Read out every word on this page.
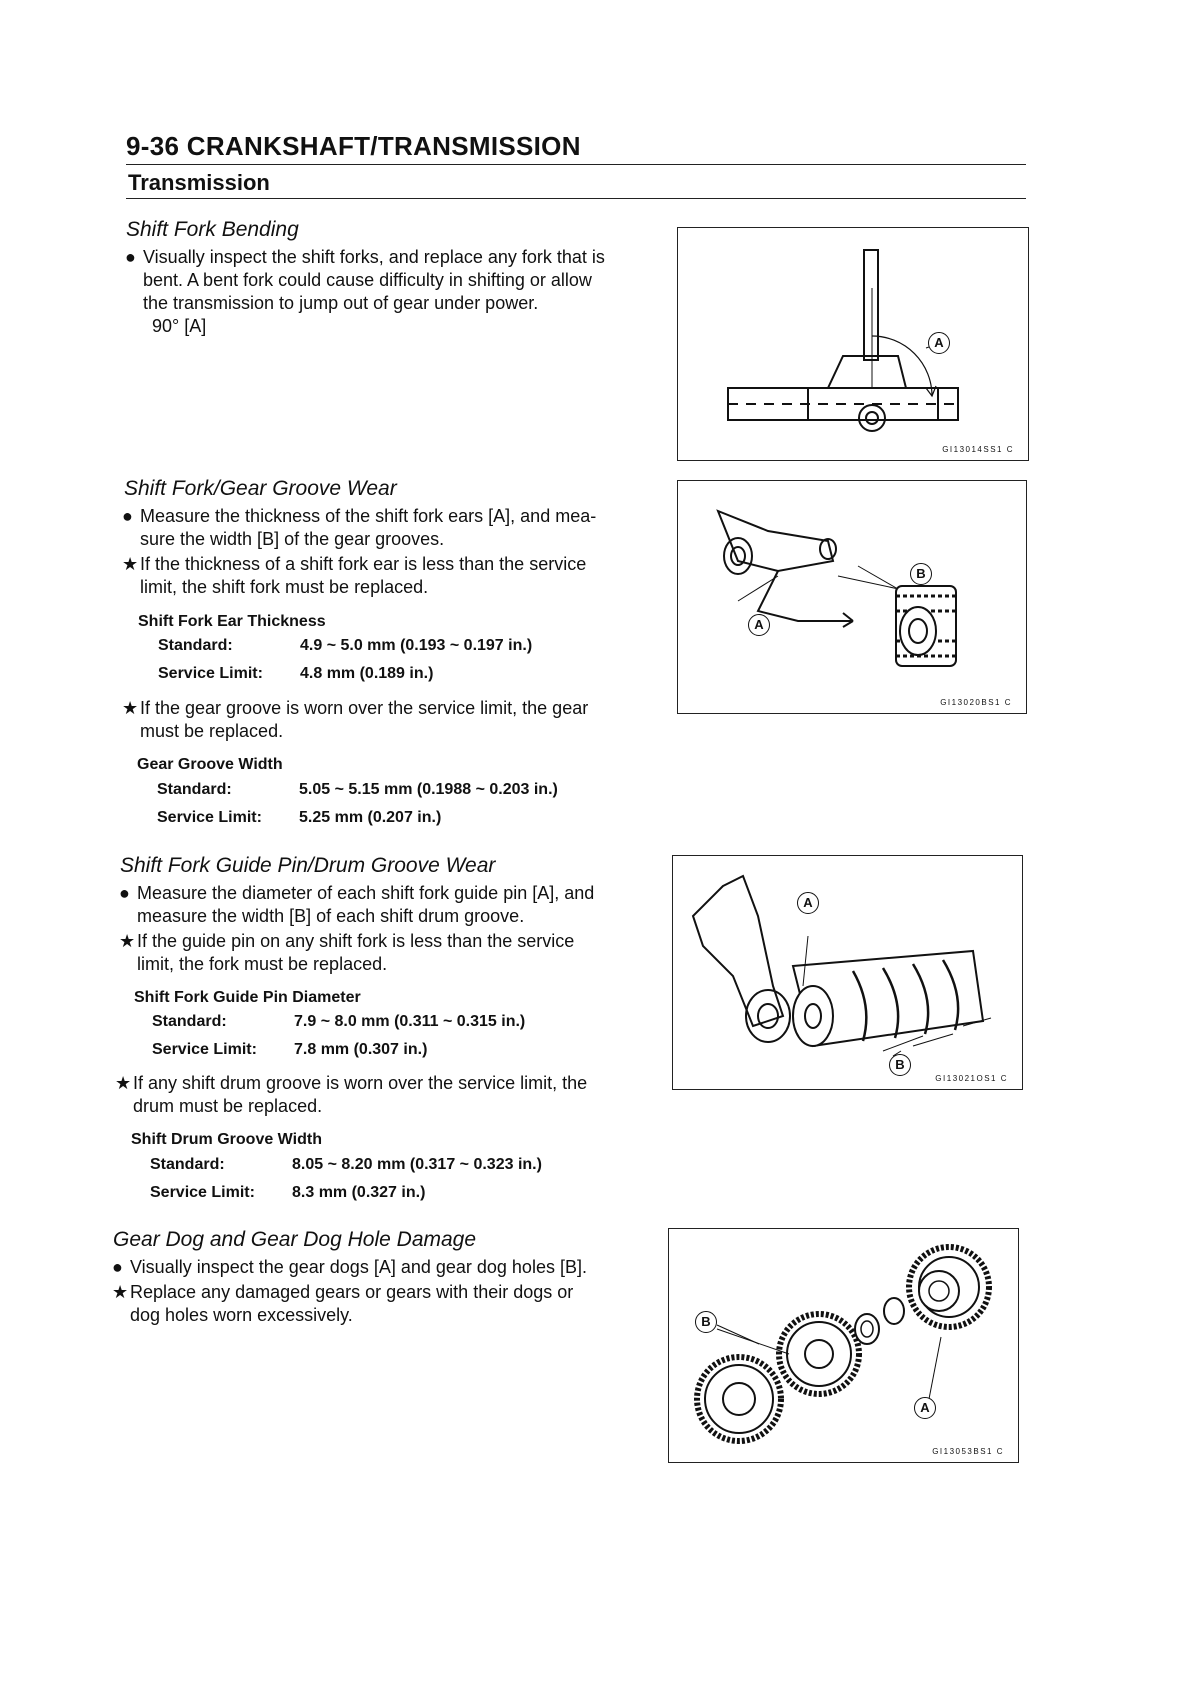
9-36 CRANKSHAFT/TRANSMISSION
Transmission
Shift Fork Bending
● Visually inspect the shift forks, and replace any fork that is
bent. A bent fork could cause difficulty in shifting or allow
the transmission to jump out of gear under power.
90° [A]
A
GI13014SS1 C
Shift Fork/Gear Groove Wear
● Measure the thickness of the shift fork ears [A], and mea-
sure the width [B] of the gear grooves.
★ If the thickness of a shift fork ear is less than the service
limit, the shift fork must be replaced.
Shift Fork Ear Thickness
Standard:	4.9 ~ 5.0 mm (0.193 ~ 0.197 in.)
Service Limit: 4.8 mm (0.189 in.)
★ If the gear groove is worn over the service limit, the gear
must be replaced.
Gear Groove Width
Standard:	5.05 ~ 5.15 mm (0.1988 ~ 0.203 in.)
Service Limit: 5.25 mm (0.207 in.)
A
B
GI13020BS1 C
Shift Fork Guide Pin/Drum Groove Wear
● Measure the diameter of each shift fork guide pin [A], and
measure the width [B] of each shift drum groove.
★ If the guide pin on any shift fork is less than the service
limit, the fork must be replaced.
Shift Fork Guide Pin Diameter
Standard:	7.9 ~ 8.0 mm (0.311 ~ 0.315 in.)
Service Limit: 7.8 mm (0.307 in.)
★ If any shift drum groove is worn over the service limit, the
drum must be replaced.
Shift Drum Groove Width
Standard:	8.05 ~ 8.20 mm (0.317 ~ 0.323 in.)
Service Limit: 8.3 mm (0.327 in.)
A
B
GI13021OS1 C
Gear Dog and Gear Dog Hole Damage
● Visually inspect the gear dogs [A] and gear dog holes [B].
★ Replace any damaged gears or gears with their dogs or
dog holes worn excessively.
A
B
GI13053BS1 C
